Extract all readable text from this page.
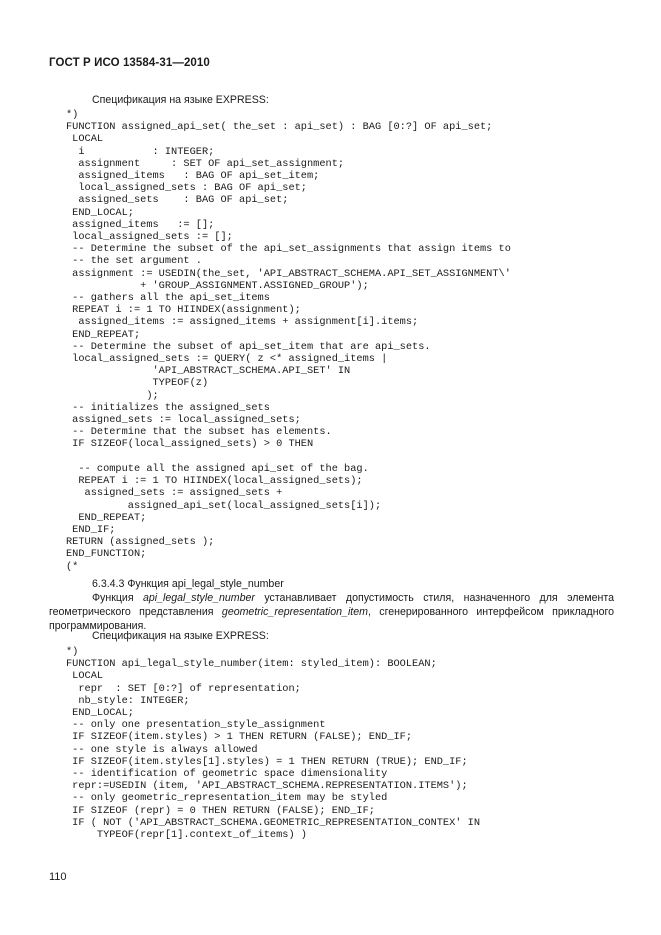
ГОСТ Р ИСО 13584-31—2010
Спецификация на языке EXPRESS:
*)
FUNCTION assigned_api_set( the_set : api_set) : BAG [0:?] OF api_set;
LOCAL
i           : INTEGER;
assignment     : SET OF api_set_assignment;
assigned_items   : BAG OF api_set_item;
local_assigned_sets : BAG OF api_set;
assigned_sets    : BAG OF api_set;
END_LOCAL;
assigned_items   := [];
local_assigned_sets := [];
-- Determine the subset of the api_set_assignments that assign items to
-- the set argument .
assignment := USEDIN(the_set, 'API_ABSTRACT_SCHEMA.API_SET_ASSIGNMENT\'
+ 'GROUP_ASSIGNMENT.ASSIGNED_GROUP');
-- gathers all the api_set_items
REPEAT i := 1 TO HIINDEX(assignment);
assigned_items := assigned_items + assignment[i].items;
END_REPEAT;
-- Determine the subset of api_set_item that are api_sets.
local_assigned_sets := QUERY( z <* assigned_items |
'API_ABSTRACT_SCHEMA.API_SET' IN
TYPEOF(z)
);
-- initializes the assigned_sets
assigned_sets := local_assigned_sets;
-- Determine that the subset has elements.
IF SIZEOF(local_assigned_sets) > 0 THEN

-- compute all the assigned api_set of the bag.
REPEAT i := 1 TO HIINDEX(local_assigned_sets);
assigned_sets := assigned_sets +
assigned_api_set(local_assigned_sets[i]);
END_REPEAT;
END_IF;
RETURN (assigned_sets );
END_FUNCTION;
(*
6.3.4.3 Функция api_legal_style_number
Функция api_legal_style_number устанавливает допустимость стиля, назначенного для элемента геометрического представления geometric_representation_item, сгенерированного интерфейсом прикладного программирования.
Спецификация на языке EXPRESS:
*)
FUNCTION api_legal_style_number(item: styled_item): BOOLEAN;
LOCAL
repr  : SET [0:?] of representation;
nb_style: INTEGER;
END_LOCAL;
-- only one presentation_style_assignment
IF SIZEOF(item.styles) > 1 THEN RETURN (FALSE); END_IF;
-- one style is always allowed
IF SIZEOF(item.styles[1].styles) = 1 THEN RETURN (TRUE); END_IF;
-- identification of geometric space dimensionality
repr:=USEDIN (item, 'API_ABSTRACT_SCHEMA.REPRESENTATION.ITEMS');
-- only geometric_representation_item may be styled
IF SIZEOF (repr) = 0 THEN RETURN (FALSE); END_IF;
IF ( NOT ('API_ABSTRACT_SCHEMA.GEOMETRIC_REPRESENTATION_CONTEX' IN
TYPEOF(repr[1].context_of_items) )
110
